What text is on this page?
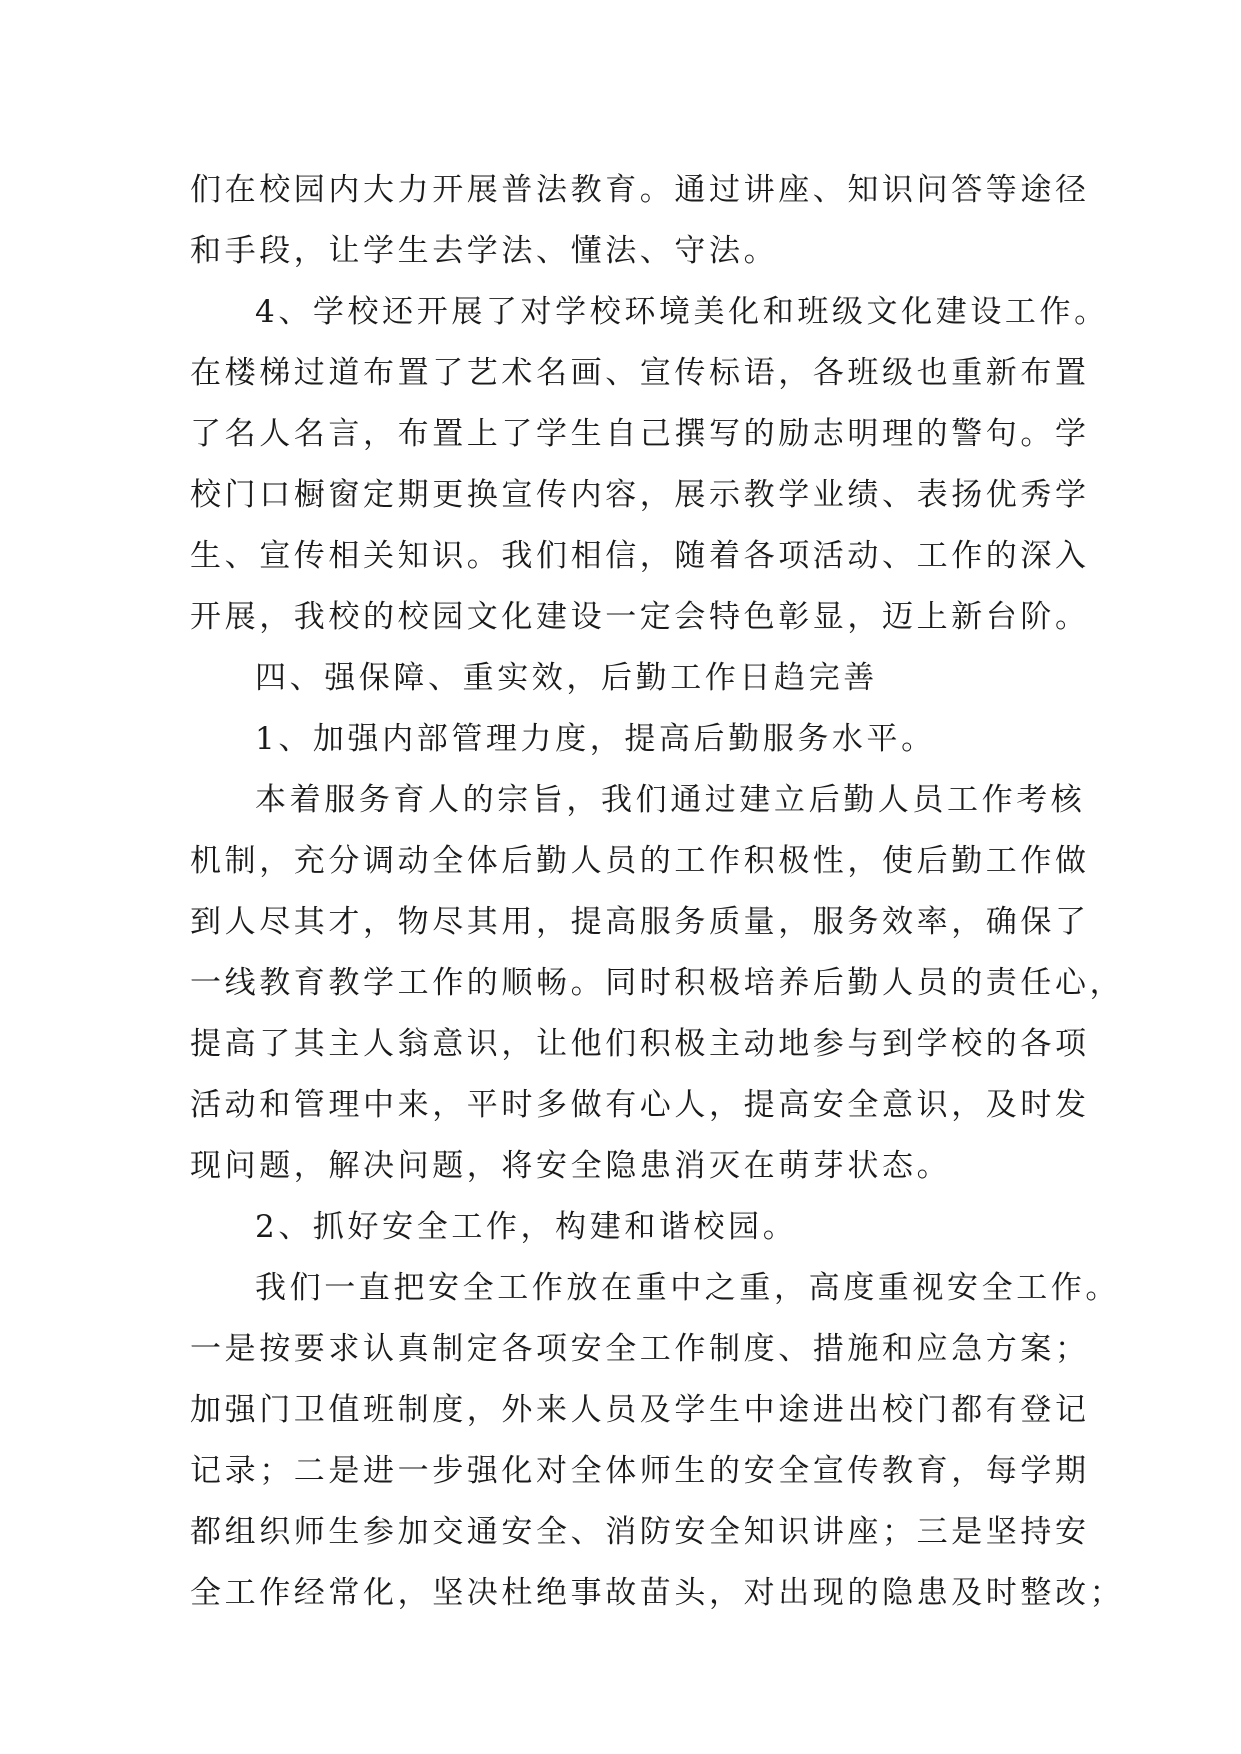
们在校园内大力开展普法教育。通过讲座、知识问答等途径
和手段，让学生去学法、懂法、守法。
4、学校还开展了对学校环境美化和班级文化建设工作。
在楼梯过道布置了艺术名画、宣传标语，各班级也重新布置
了名人名言，布置上了学生自己撰写的励志明理的警句。学
校门口橱窗定期更换宣传内容，展示教学业绩、表扬优秀学
生、宣传相关知识。我们相信，随着各项活动、工作的深入
开展，我校的校园文化建设一定会特色彰显，迈上新台阶。
四、强保障、重实效，后勤工作日趋完善
1、加强内部管理力度，提高后勤服务水平。
本着服务育人的宗旨，我们通过建立后勤人员工作考核
机制，充分调动全体后勤人员的工作积极性，使后勤工作做
到人尽其才，物尽其用，提高服务质量，服务效率，确保了
一线教育教学工作的顺畅。同时积极培养后勤人员的责任心，
提高了其主人翁意识，让他们积极主动地参与到学校的各项
活动和管理中来，平时多做有心人，提高安全意识，及时发
现问题，解决问题，将安全隐患消灭在萌芽状态。
2、抓好安全工作，构建和谐校园。
我们一直把安全工作放在重中之重，高度重视安全工作。
一是按要求认真制定各项安全工作制度、措施和应急方案；
加强门卫值班制度，外来人员及学生中途进出校门都有登记
记录；二是进一步强化对全体师生的安全宣传教育，每学期
都组织师生参加交通安全、消防安全知识讲座；三是坚持安
全工作经常化，坚决杜绝事故苗头，对出现的隐患及时整改；
